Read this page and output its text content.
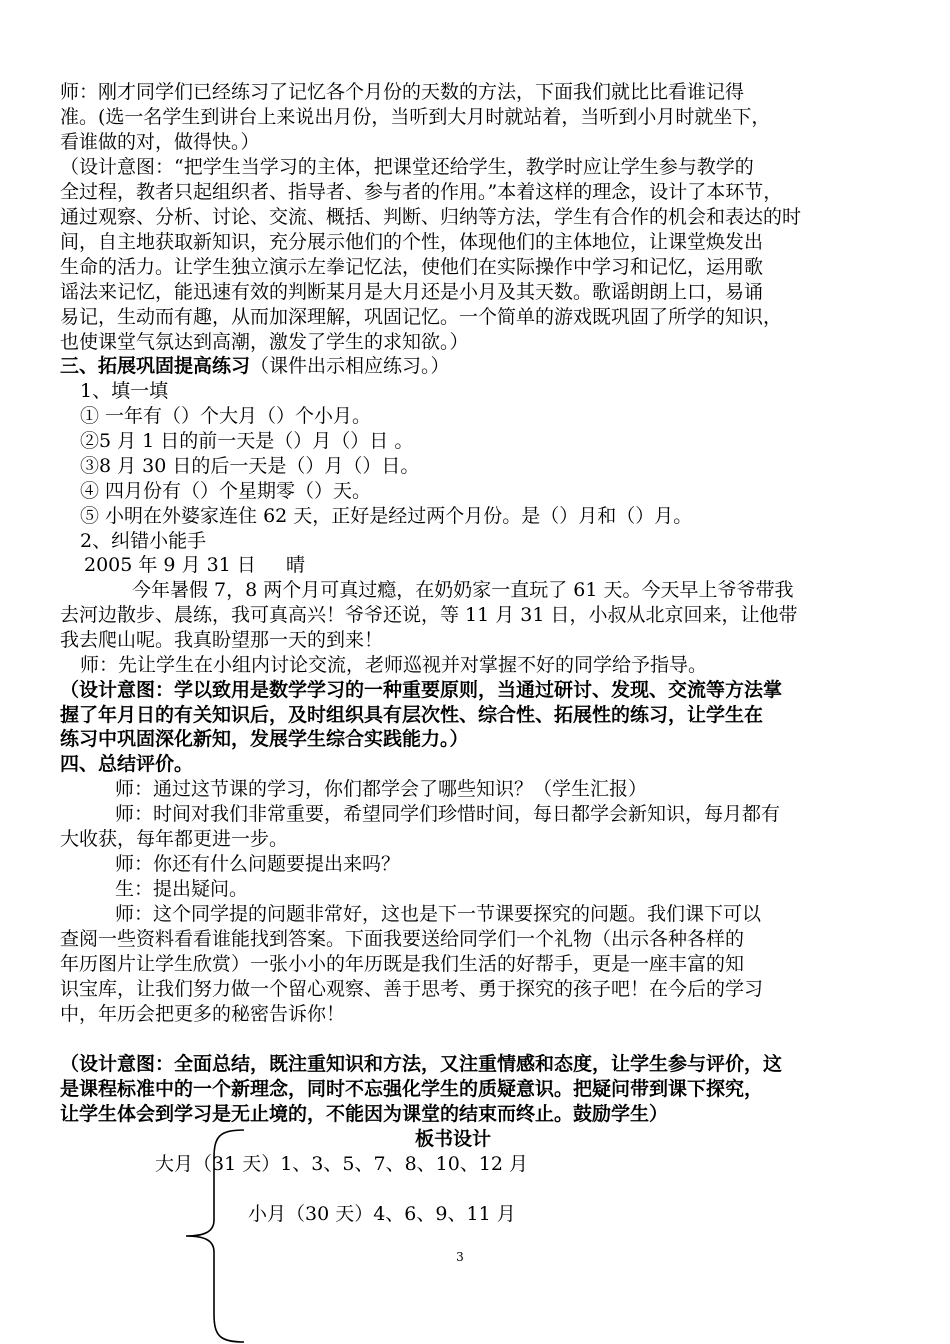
师：刚才同学们已经练习了记忆各个月份的天数的方法，下面我们就比比看谁记得
准。(选一名学生到讲台上来说出月份，当听到大月时就站着，当听到小月时就坐下，
看谁做的对，做得快。）
（设计意图：“把学生当学习的主体，把课堂还给学生，教学时应让学生参与教学的
全过程，教者只起组织者、指导者、参与者的作用。”本着这样的理念，设计了本环节，
通过观察、分析、讨论、交流、概括、判断、归纳等方法，学生有合作的机会和表达的时
间，自主地获取新知识，充分展示他们的个性，体现他们的主体地位，让课堂焕发出
生命的活力。让学生独立演示左拳记忆法，使他们在实际操作中学习和记忆，运用歌
谣法来记忆，能迅速有效的判断某月是大月还是小月及其天数。歌谣朗朗上口，易诵
易记，生动而有趣，从而加深理解，巩固记忆。一个简单的游戏既巩固了所学的知识，
也使课堂气氛达到高潮，激发了学生的求知欲。）
三、拓展巩固提高练习（课件出示相应练习。）
1、填一填
① 一年有（）个大月（）个小月。
②5 月 1 日的前一天是（）月（）日 。
③8 月 30 日的后一天是（）月（）日。
④ 四月份有（）个星期零（）天。
⑤ 小明在外婆家连住 62 天，正好是经过两个月份。是（）月和（）月。
2、纠错小能手
2005 年 9 月 31 日     晴
今年暑假 7，8 两个月可真过瘾，在奶奶家一直玩了 61 天。今天早上爷爷带我
去河边散步、晨练，我可真高兴！爷爷还说，等 11 月 31 日，小叔从北京回来，让他带
我去爬山呢。我真盼望那一天的到来！
师：先让学生在小组内讨论交流，老师巡视并对掌握不好的同学给予指导。
（设计意图：学以致用是数学学习的一种重要原则，当通过研讨、发现、交流等方法掌
握了年月日的有关知识后，及时组织具有层次性、综合性、拓展性的练习，让学生在
练习中巩固深化新知，发展学生综合实践能力。）
四、总结评价。
师：通过这节课的学习，你们都学会了哪些知识？（学生汇报）
师：时间对我们非常重要，希望同学们珍惜时间，每日都学会新知识，每月都有
大收获，每年都更进一步。
师：你还有什么问题要提出来吗？
生：提出疑问。
师：这个同学提的问题非常好，这也是下一节课要探究的问题。我们课下可以
查阅一些资料看看谁能找到答案。下面我要送给同学们一个礼物（出示各种各样的
年历图片让学生欣赏）一张小小的年历既是我们生活的好帮手，更是一座丰富的知
识宝库，让我们努力做一个留心观察、善于思考、勇于探究的孩子吧！在今后的学习
中，年历会把更多的秘密告诉你！
（设计意图：全面总结，既注重知识和方法，又注重情感和态度，让学生参与评价，这
是课程标准中的一个新理念，同时不忘强化学生的质疑意识。把疑问带到课下探究，
让学生体会到学习是无止境的，不能因为课堂的结束而终止。鼓励学生）
板书设计
大月（31 天）1、3、5、7、8、10、12 月
小月（30 天）4、6、9、11 月
3
